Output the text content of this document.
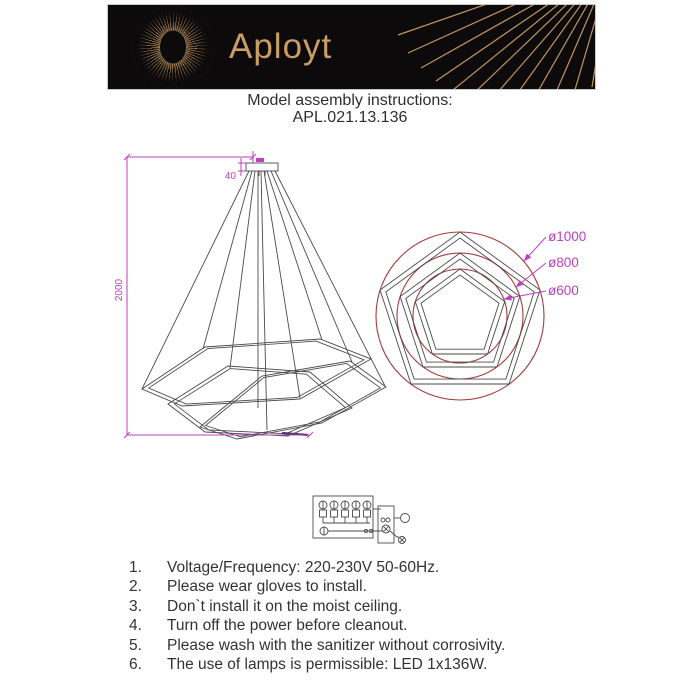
Aployt
Model assembly instructions:
APL.021.13.136
40
2000
ø1000
ø800
ø600
1.	Voltage/Frequency: 220-230V 50-60Hz.
2.	Please wear gloves to install.
3.	Don`t install it on the moist ceiling.
4.	Turn off the power before cleanout.
5.	Please wash with the sanitizer without corrosivity.
6.	The use of lamps is permissible: LED 1x136W.
